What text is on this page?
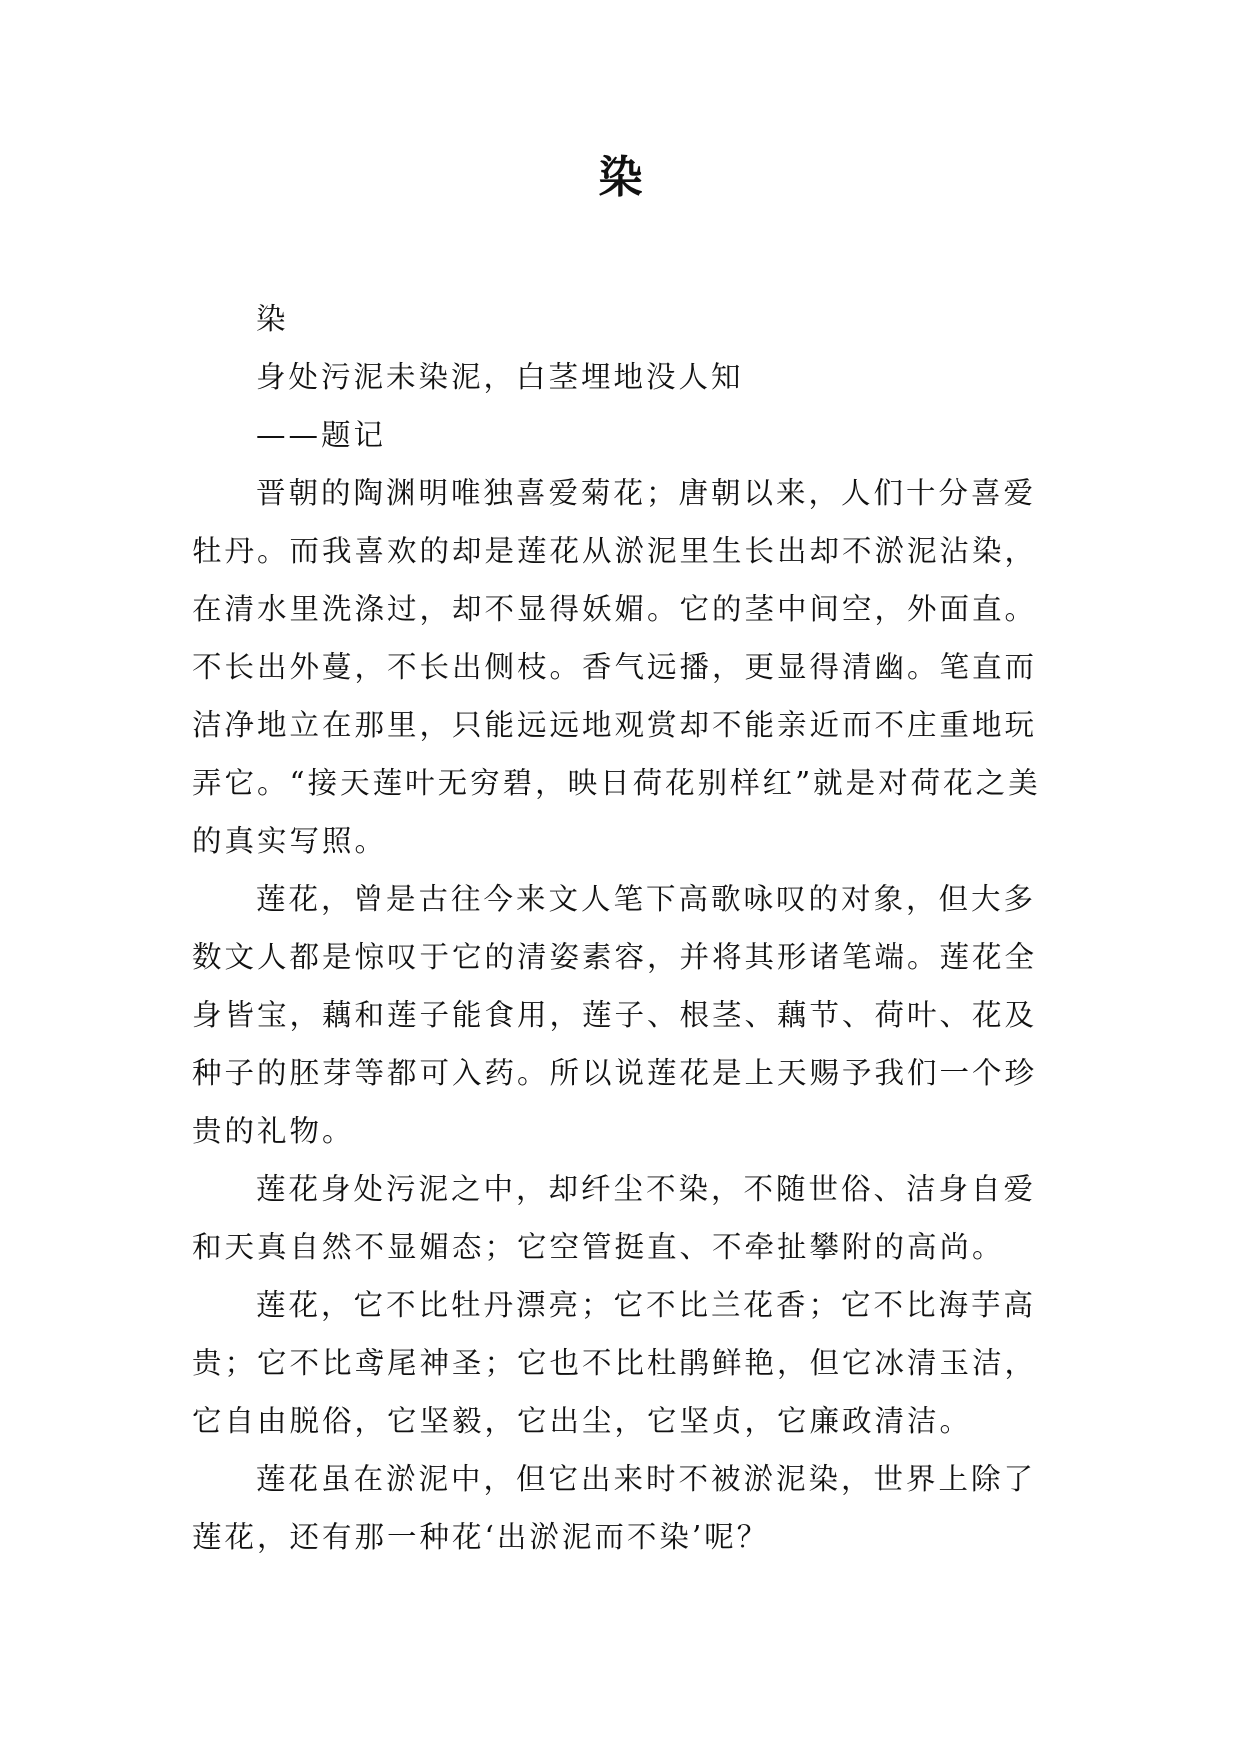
染

染

身处污泥未染泥，白茎埋地没人知

——题记

晋朝的陶渊明唯独喜爱菊花；唐朝以来，人们十分喜爱牡丹。而我喜欢的却是莲花从淤泥里生长出却不淤泥沾染，在清水里洗涤过，却不显得妖媚。它的茎中间空，外面直。不长出外蔓，不长出侧枝。香气远播，更显得清幽。笔直而洁净地立在那里，只能远远地观赏却不能亲近而不庄重地玩弄它。“接天莲叶无穷碧，映日荷花别样红”就是对荷花之美的真实写照。

莲花，曾是古往今来文人笔下高歌咏叹的对象，但大多数文人都是惊叹于它的清姿素容，并将其形诸笔端。莲花全身皆宝，藕和莲子能食用，莲子、根茎、藕节、荷叶、花及种子的胚芽等都可入药。所以说莲花是上天赐予我们一个珍贵的礼物。

莲花身处污泥之中，却纤尘不染，不随世俗、洁身自爱和天真自然不显媚态；它空管挺直、不牵扯攀附的高尚。

莲花，它不比牡丹漂亮；它不比兰花香；它不比海芋高贵；它不比鸢尾神圣；它也不比杜鹃鲜艳，但它冰清玉洁，它自由脱俗，它坚毅，它出尘，它坚贞，它廉政清洁。

莲花虽在淤泥中，但它出来时不被淤泥染，世界上除了莲花，还有那一种花‘出淤泥而不染’呢？
